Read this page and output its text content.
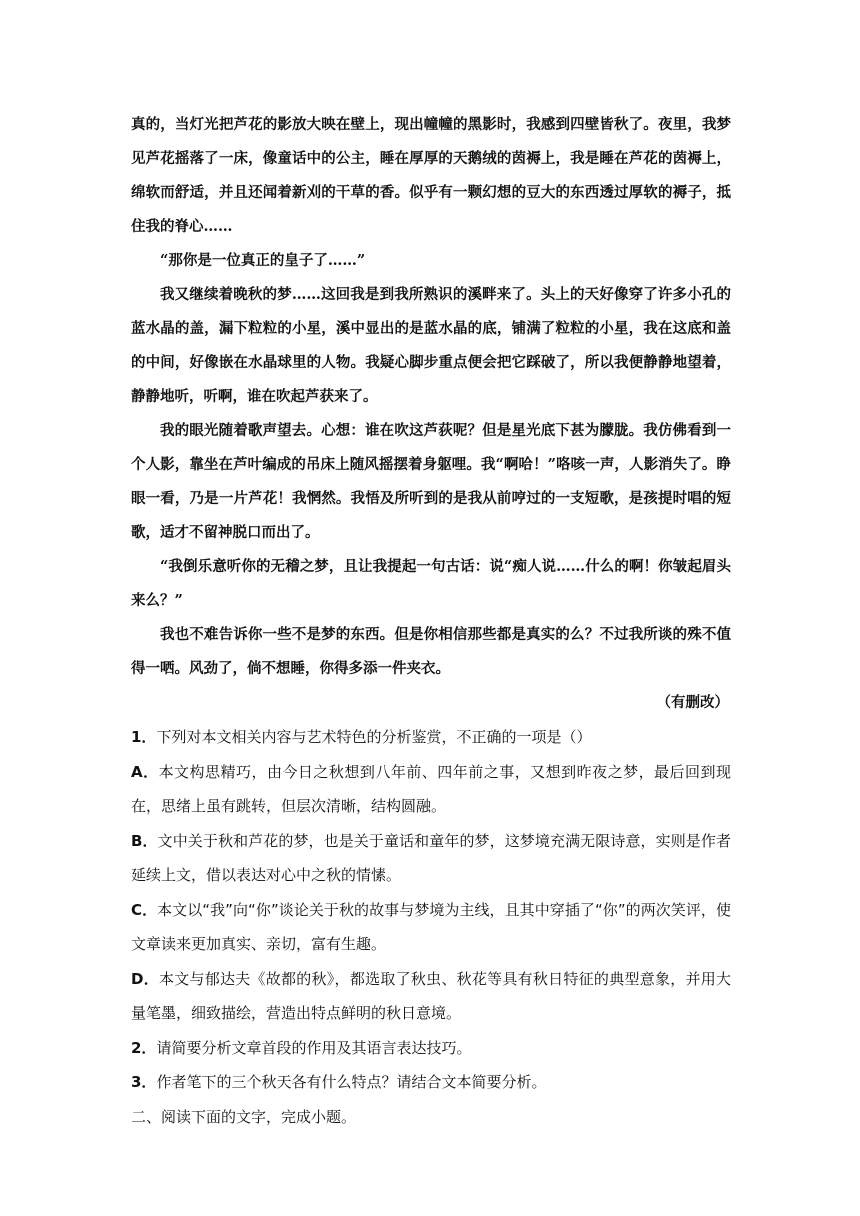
真的，当灯光把芦花的影放大映在壁上，现出幢幢的黑影时，我感到四壁皆秋了。夜里，我梦见芦花摇落了一床，像童话中的公主，睡在厚厚的天鹅绒的茵褥上，我是睡在芦花的茵褥上，绵软而舒适，并且还闻着新刈的干草的香。似乎有一颗幻想的豆大的东西透过厚软的褥子，抵住我的脊心……

“那你是一位真正的皇子了……”

我又继续着晚秋的梦……这回我是到我所熟识的溪畔来了。头上的天好像穿了许多小孔的蓝水晶的盖，漏下粒粒的小星，溪中显出的是蓝水晶的底，铺满了粒粒的小星，我在这底和盖的中间，好像嵌在水晶球里的人物。我疑心脚步重点便会把它踩破了，所以我便静静地望着，静静地听，听啊，谁在吹起芦获来了。

我的眼光随着歌声望去。心想：谁在吹这芦荻呢？但是星光底下甚为朦胧。我仿佛看到一个人影，靠坐在芦叶编成的吊床上随风摇摆着身躯哩。我“啊哈！”咯咳一声，人影消失了。睁眼一看，乃是一片芦花！我惘然。我悟及所听到的是我从前哼过的一支短歌，是孩提时唱的短歌，适才不留神脱口而出了。

“我倒乐意听你的无稽之梦，且让我提起一句古话：说“痴人说……什么的啊！你皱起眉头来么？”

我也不难告诉你一些不是梦的东西。但是你相信那些都是真实的么？不过我所谈的殊不值得一哂。风劲了，倘不想睡，你得多添一件夹衣。

（有删改）

1．下列对本文相关内容与艺术特色的分析鉴赏，不正确的一项是（）

A．本文构思精巧，由今日之秋想到八年前、四年前之事，又想到昨夜之梦，最后回到现在，思绪上虽有跳转，但层次清晰，结构圆融。

B．文中关于秋和芦花的梦，也是关于童话和童年的梦，这梦境充满无限诗意，实则是作者延续上文，借以表达对心中之秋的情愫。

C．本文以“我”向“你”谈论关于秋的故事与梦境为主线，且其中穿插了“你”的两次笑评，使文章读来更加真实、亲切，富有生趣。

D．本文与郁达夫《故都的秋》，都选取了秋虫、秋花等具有秋日特征的典型意象，并用大量笔墨，细致描绘，营造出特点鲜明的秋日意境。

2．请简要分析文章首段的作用及其语言表达技巧。

3．作者笔下的三个秋天各有什么特点？请结合文本简要分析。

二、阅读下面的文字，完成小题。
